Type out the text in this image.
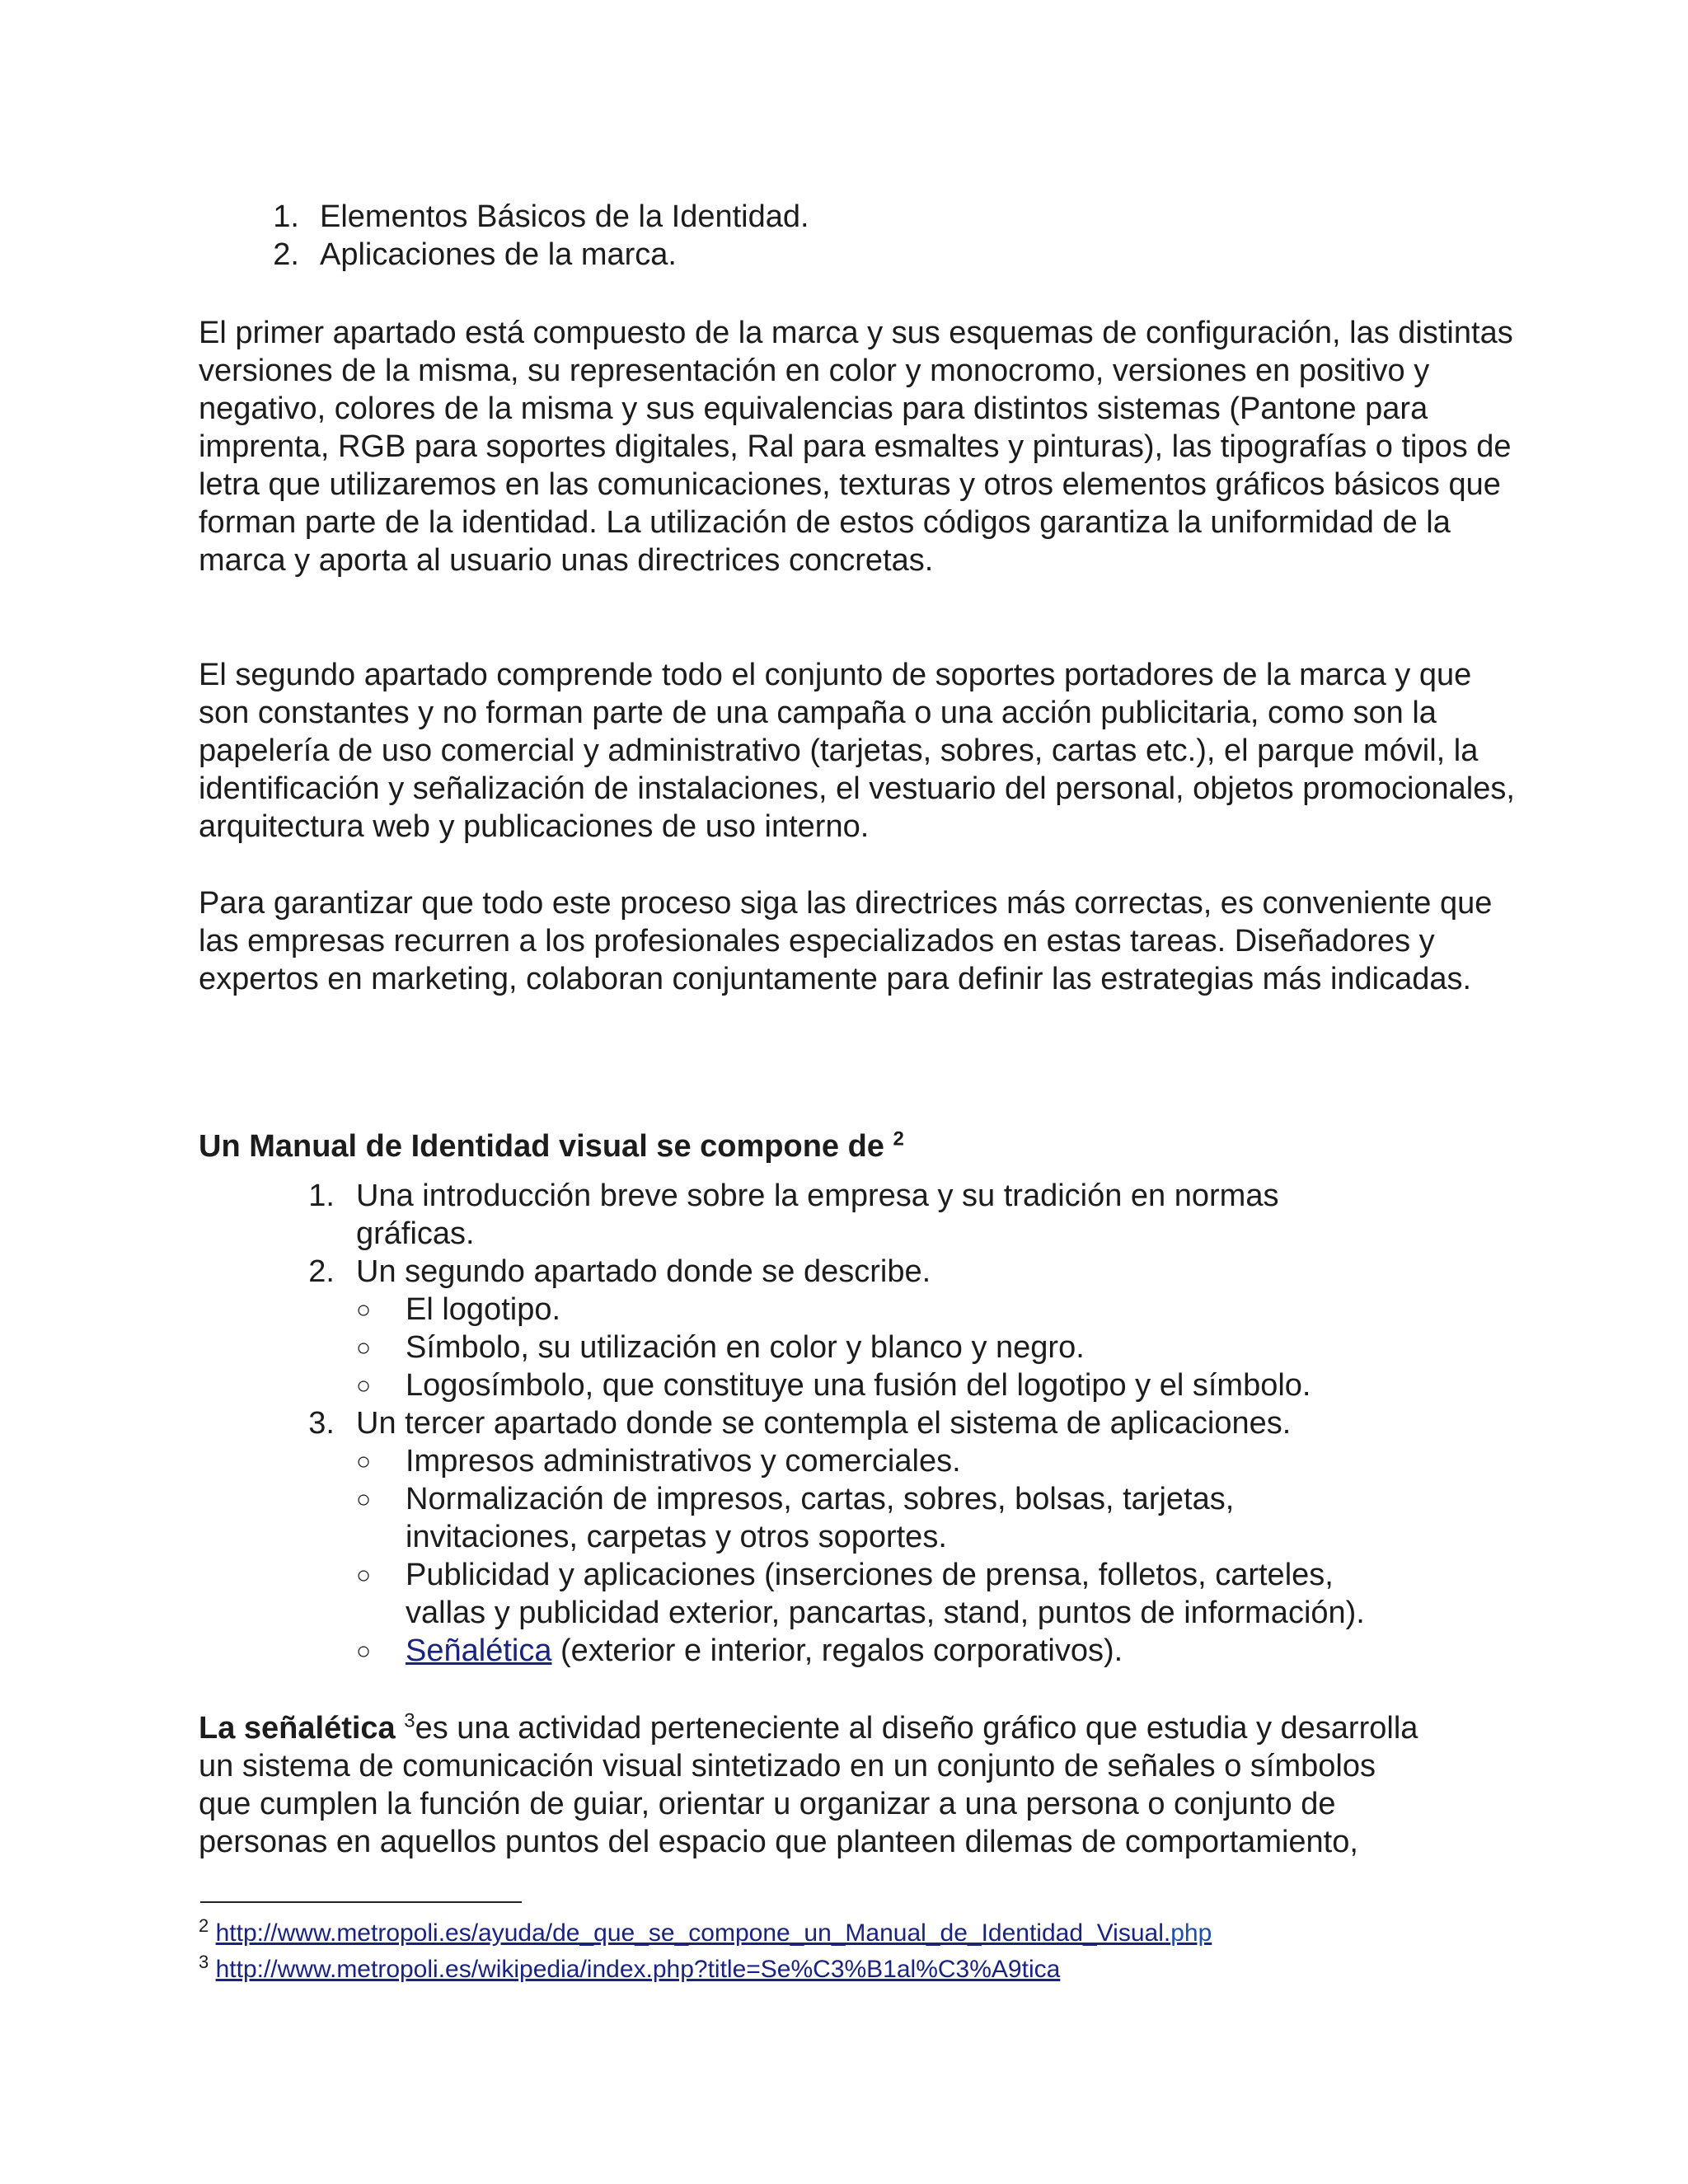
1. Elementos Básicos de la Identidad.
2. Aplicaciones de la marca.

El primer apartado está compuesto de la marca y sus esquemas de configuración, las distintas versiones de la misma, su representación en color y monocromo, versiones en positivo y negativo, colores de la misma y sus equivalencias para distintos sistemas (Pantone para imprenta, RGB para soportes digitales, Ral para esmaltes y pinturas), las tipografías o tipos de letra que utilizaremos en las comunicaciones, texturas y otros elementos gráficos básicos que forman parte de la identidad. La utilización de estos códigos garantiza la uniformidad de la marca y aporta al usuario unas directrices concretas.

El segundo apartado comprende todo el conjunto de soportes portadores de la marca y que son constantes y no forman parte de una campaña o una acción publicitaria, como son la papelería de uso comercial y administrativo (tarjetas, sobres, cartas etc.), el parque móvil, la identificación y señalización de instalaciones, el vestuario del personal, objetos promocionales, arquitectura web y publicaciones de uso interno.

Para garantizar que todo este proceso siga las directrices más correctas, es conveniente que las empresas recurren a los profesionales especializados en estas tareas. Diseñadores y expertos en marketing, colaboran conjuntamente para definir las estrategias más indicadas.

Un Manual de Identidad visual se compone de $^2$
1. Una introducción breve sobre la empresa y su tradición en normas
gráficas.
2. Un segundo apartado donde se describe.
○ El logotipo.
○ Símbolo, su utilización en color y blanco y negro.
○ Logosímbolo, que constituye una fusión del logotipo y el símbolo.
3. Un tercer apartado donde se contempla el sistema de aplicaciones.
○ Impresos administrativos y comerciales.
○ Normalización de impresos, cartas, sobres, bolsas, tarjetas,
invitaciones, carpetas y otros soportes.
○ Publicidad y aplicaciones (inserciones de prensa, folletos, carteles,
vallas y publicidad exterior, pancartas, stand, puntos de información).
○ Señalética (exterior e interior, regalos corporativos).
La señalética $^3$es una actividad perteneciente al diseño gráfico que estudia y desarrolla
un sistema de comunicación visual sintetizado en un conjunto de señales o símbolos
que cumplen la función de guiar, orientar u organizar a una persona o conjunto de
personas en aquellos puntos del espacio que planteen dilemas de comportamiento,
$^2$ http://www.metropoli.es/ayuda/de_que_se_compone_un_Manual_de_Identidad_Visual.php
$^3$ http://www.metropoli.es/wikipedia/index.php?title=Se%C3%B1al%C3%A9tica
